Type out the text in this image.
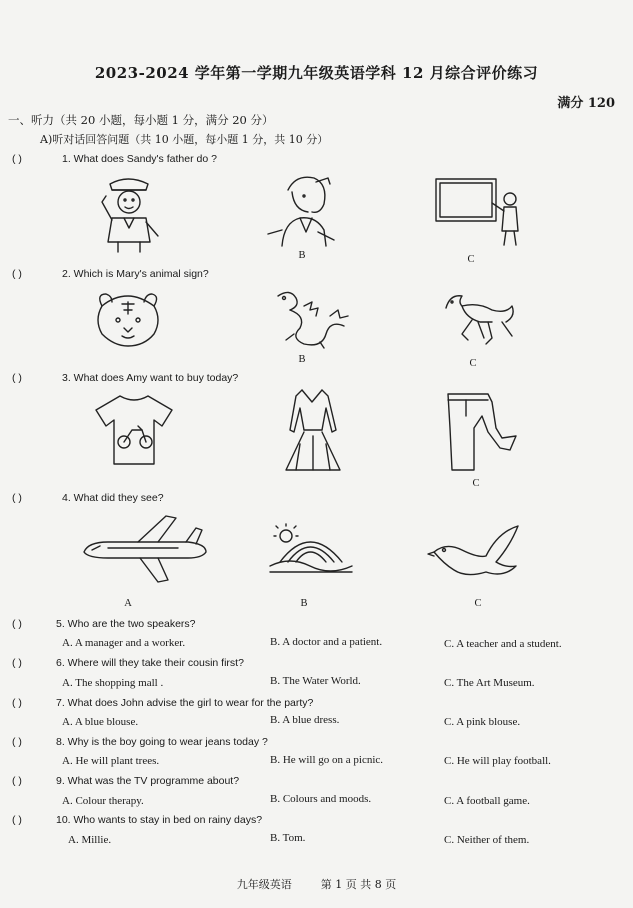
2023-2024 学年第一学期九年级英语学科 12 月综合评价练习
满分 120
一、听力（共 20 小题，每小题 1 分，满分 20 分）
A)听对话回答问题（共 10 小题，每小题 1 分，共 10 分）
( )	1. What does Sandy's father do ?
B	C
( )	2. Which is Mary's animal sign?
B	C
( )	3. What does Amy want to buy today?
C
( )	4. What did they see?
A	B	C
( )	5. Who are the two speakers?
A. A manager and a worker.	B. A doctor and a patient.	C. A teacher and a student.
( )	6. Where will they take their cousin first?
A. The shopping mall .	B. The Water World.	C. The Art Museum.
( )	7. What does John advise the girl to wear for the party?
A. A blue blouse.	B. A blue dress.	C. A pink blouse.
( )	8. Why is the boy going to wear jeans today ?
A. He will plant trees.	B. He will go on a picnic.	C. He will play football.
( )	9. What was the TV programme about?
A. Colour therapy.	B. Colours and moods.	C. A football game.
( )	10. Who wants to stay in bed on rainy days?
A. Millie.	B. Tom.	C. Neither of them.
九年级英语	第 1 页 共 8 页
